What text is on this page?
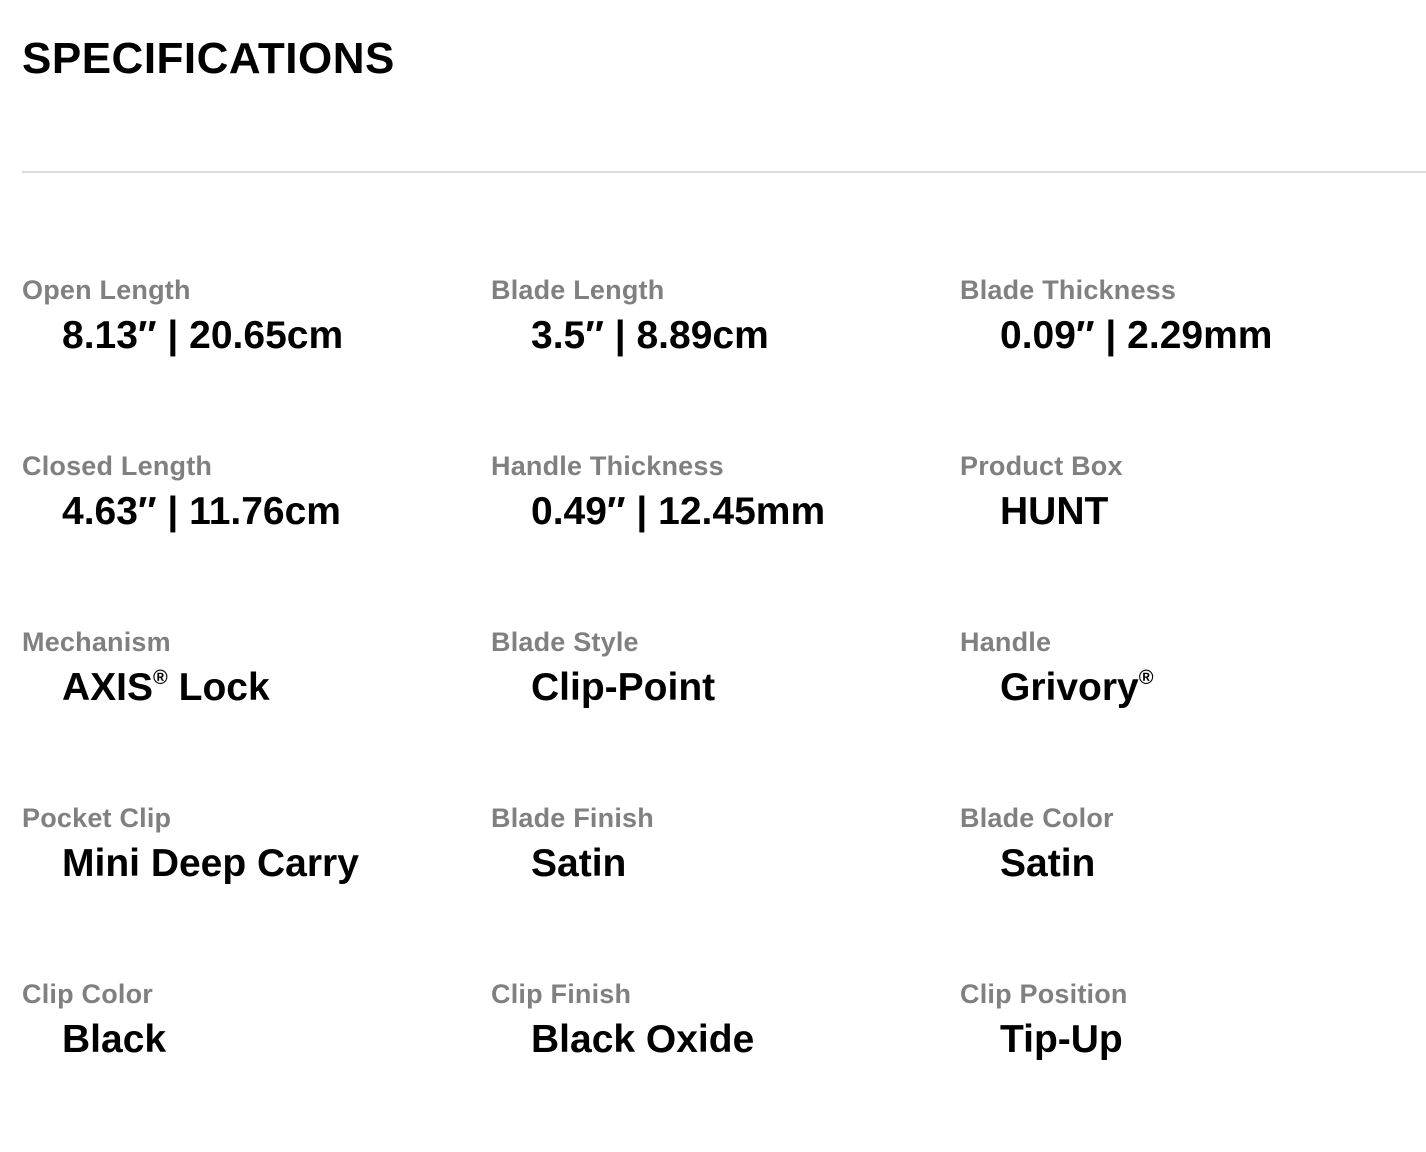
SPECIFICATIONS
Open Length
8.13″ | 20.65cm
Blade Length
3.5″ | 8.89cm
Blade Thickness
0.09″ | 2.29mm
Closed Length
4.63″ | 11.76cm
Handle Thickness
0.49″ | 12.45mm
Product Box
HUNT
Mechanism
AXIS® Lock
Blade Style
Clip-Point
Handle
Grivory®
Pocket Clip
Mini Deep Carry
Blade Finish
Satin
Blade Color
Satin
Clip Color
Black
Clip Finish
Black Oxide
Clip Position
Tip-Up
